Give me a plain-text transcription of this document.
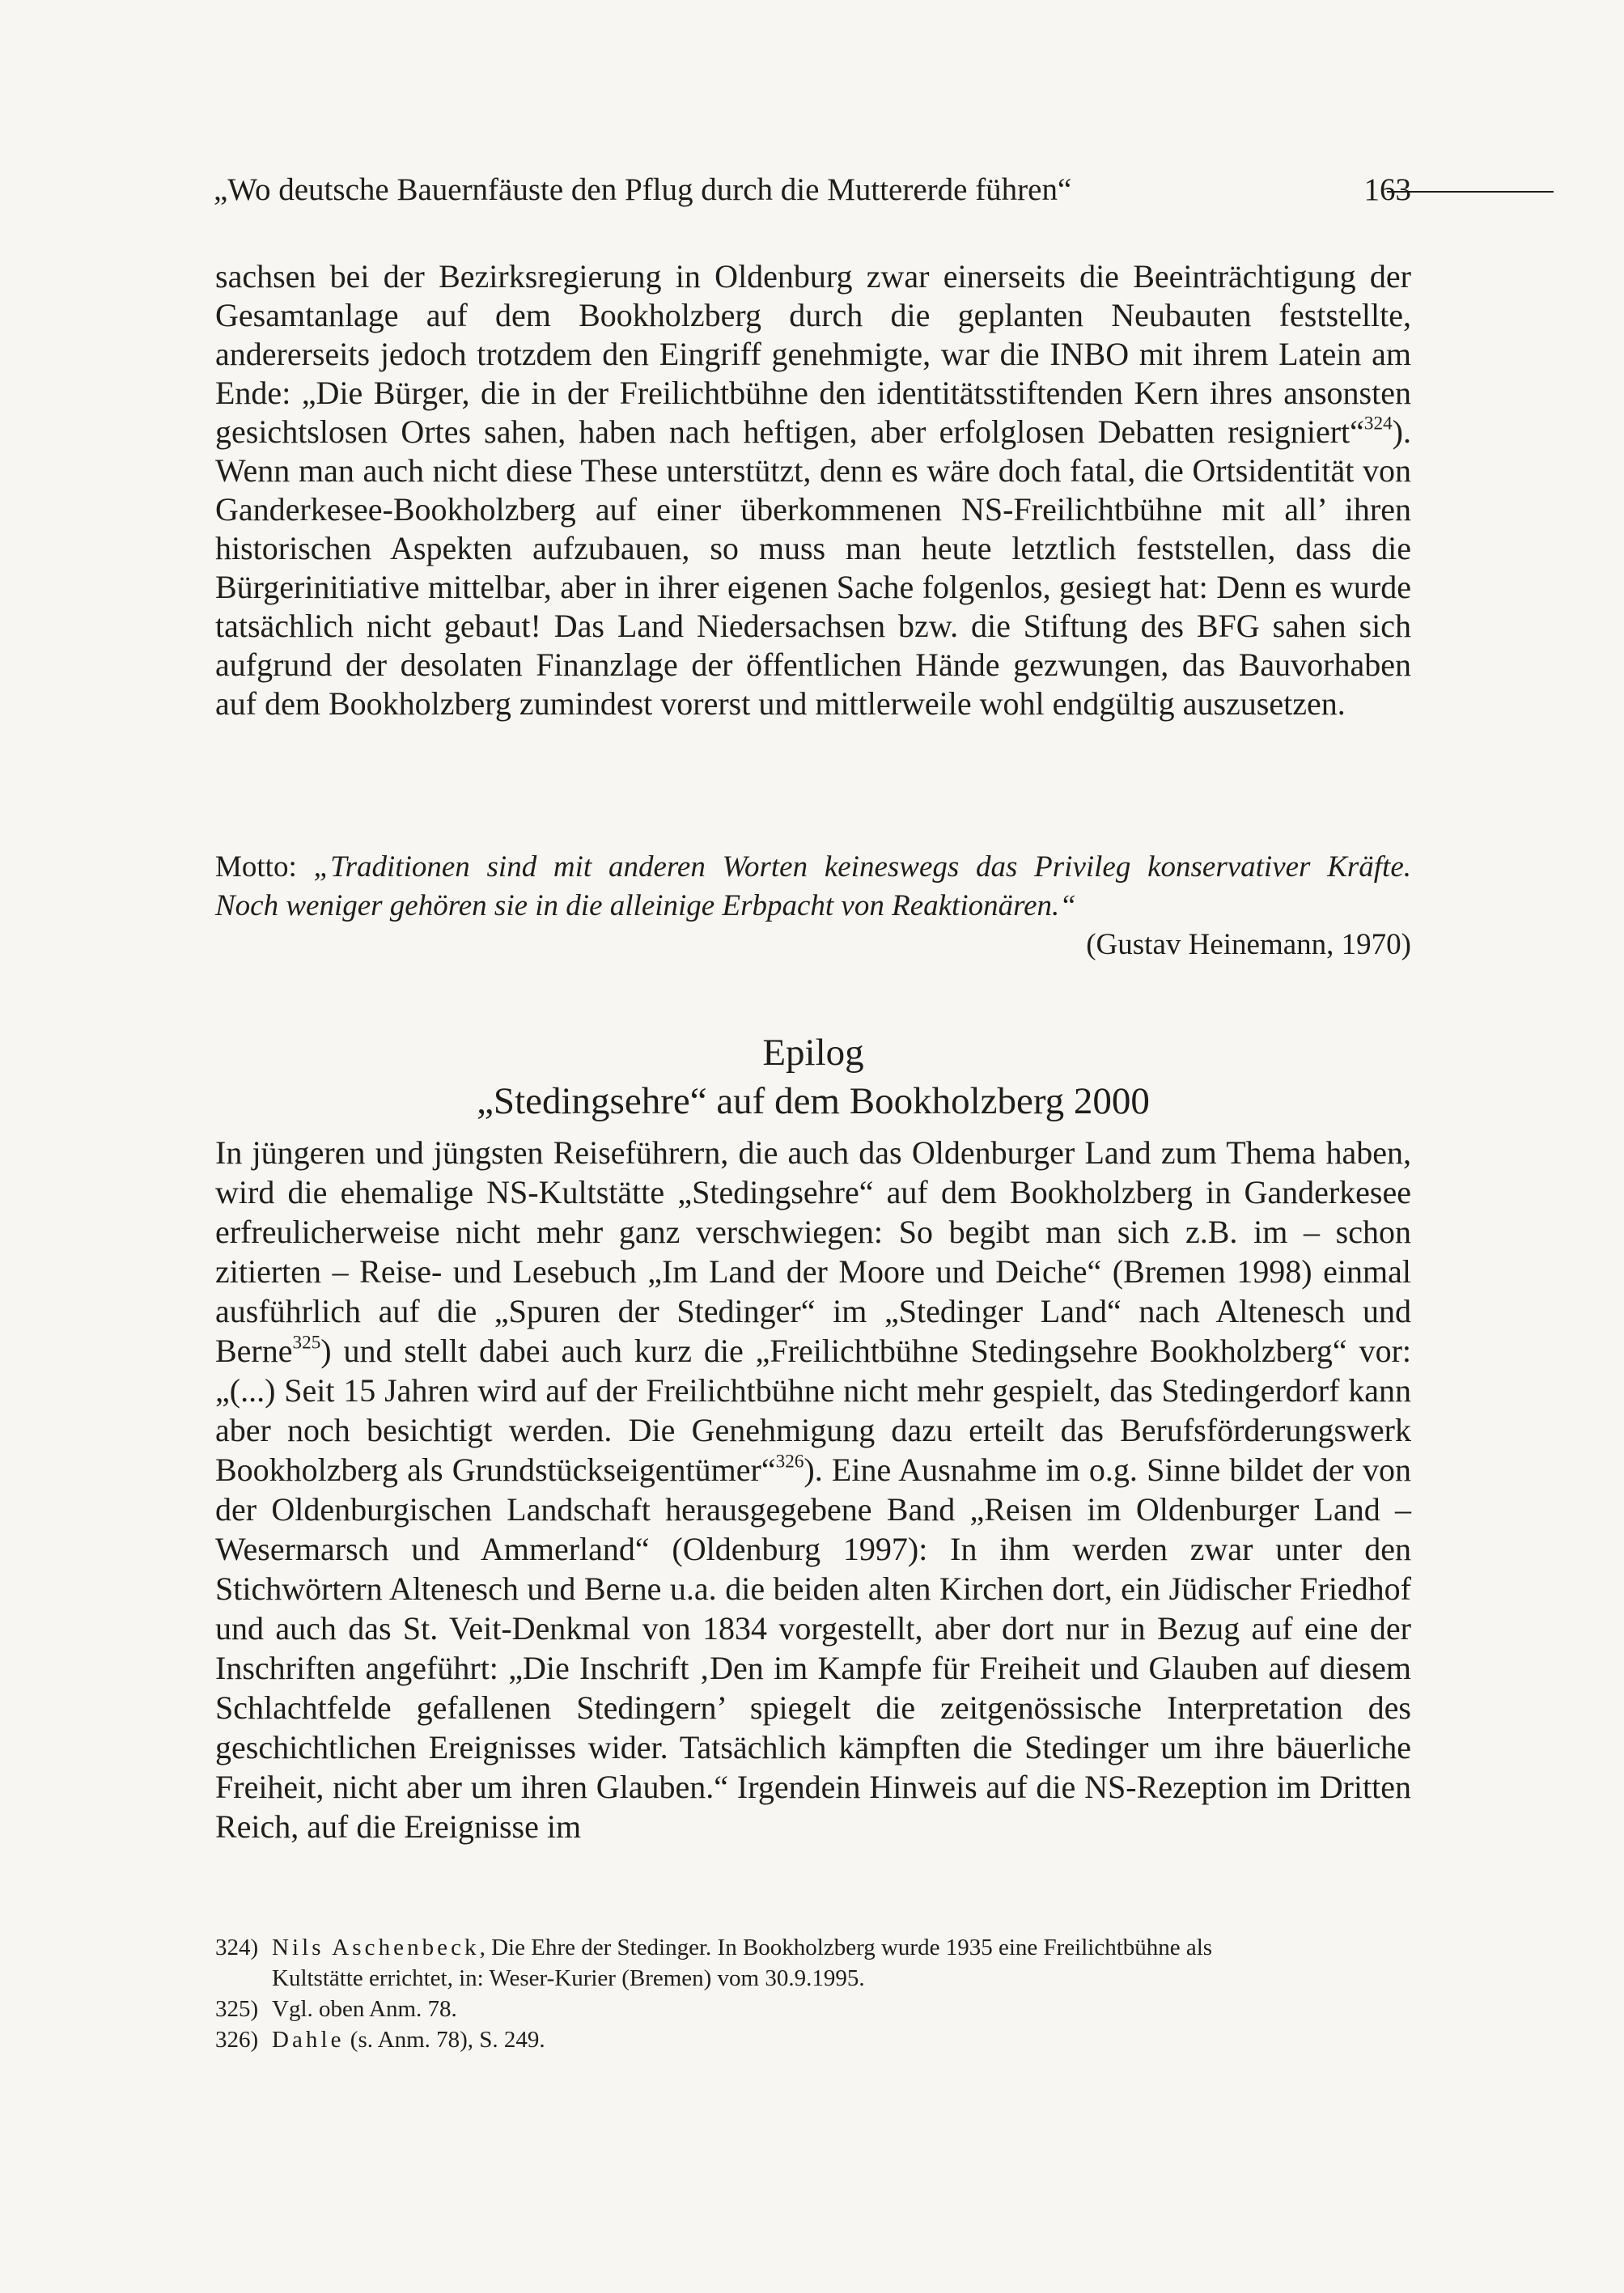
„Wo deutsche Bauernfäuste den Pflug durch die Muttererde führen“	163

sachsen bei der Bezirksregierung in Oldenburg zwar einerseits die Beeinträchtigung der Gesamtanlage auf dem Bookholzberg durch die geplanten Neubauten feststellte, andererseits jedoch trotzdem den Eingriff genehmigte, war die INBO mit ihrem Latein am Ende: „Die Bürger, die in der Freilichtbühne den identitätsstiftenden Kern ihres ansonsten gesichtslosen Ortes sahen, haben nach heftigen, aber erfolglosen Debatten resigniert“$^{324}$). Wenn man auch nicht diese These unterstützt, denn es wäre doch fatal, die Ortsidentität von Ganderkesee-Bookholzberg auf einer überkommenen NS-Freilichtbühne mit all’ ihren historischen Aspekten aufzubauen, so muss man heute letztlich feststellen, dass die Bürgerinitiative mittelbar, aber in ihrer eigenen Sache folgenlos, gesiegt hat: Denn es wurde tatsächlich nicht gebaut! Das Land Niedersachsen bzw. die Stiftung des BFG sahen sich aufgrund der desolaten Finanzlage der öffentlichen Hände gezwungen, das Bauvorhaben auf dem Bookholzberg zumindest vorerst und mittlerweile wohl endgültig auszusetzen.

Motto: „Traditionen sind mit anderen Worten keineswegs das Privileg konservativer Kräfte.
Noch weniger gehören sie in die alleinige Erbpacht von Reaktionären.“
(Gustav Heinemann, 1970)
Epilog
„Stedingsehre“ auf dem Bookholzberg 2000

In jüngeren und jüngsten Reiseführern, die auch das Oldenburger Land zum Thema haben, wird die ehemalige NS-Kultstätte „Stedingsehre“ auf dem Bookholzberg in Ganderkesee erfreulicherweise nicht mehr ganz verschwiegen: So begibt man sich z.B. im – schon zitierten – Reise- und Lesebuch „Im Land der Moore und Deiche“ (Bremen 1998) einmal ausführlich auf die „Spuren der Stedinger“ im „Stedinger Land“ nach Altenesch und Berne$^{325}$) und stellt dabei auch kurz die „Freilichtbühne Stedingsehre Bookholzberg“ vor: „(...) Seit 15 Jahren wird auf der Freilichtbühne nicht mehr gespielt, das Stedingerdorf kann aber noch besichtigt werden. Die Genehmigung dazu erteilt das Berufsförderungswerk Bookholzberg als Grundstückseigentümer“$^{326}$). Eine Ausnahme im o.g. Sinne bildet der von der Oldenburgischen Landschaft herausgegebene Band „Reisen im Oldenburger Land – Wesermarsch und Ammerland“ (Oldenburg 1997): In ihm werden zwar unter den Stichwörtern Altenesch und Berne u.a. die beiden alten Kirchen dort, ein Jüdischer Friedhof und auch das St. Veit-Denkmal von 1834 vorgestellt, aber dort nur in Bezug auf eine der Inschriften angeführt: „Die Inschrift ‚Den im Kampfe für Freiheit und Glauben auf diesem Schlachtfelde gefallenen Stedingern’ spiegelt die zeitgenössische Interpretation des geschichtlichen Ereignisses wider. Tatsächlich kämpften die Stedinger um ihre bäuerliche Freiheit, nicht aber um ihren Glauben.“ Irgendein Hinweis auf die NS-Rezeption im Dritten Reich, auf die Ereignisse im

324) Nils Aschenbeck, Die Ehre der Stedinger. In Bookholzberg wurde 1935 eine Freilichtbühne als
Kultstätte errichtet, in: Weser-Kurier (Bremen) vom 30.9.1995.
325) Vgl. oben Anm. 78.
326) Dahle (s. Anm. 78), S. 249.
